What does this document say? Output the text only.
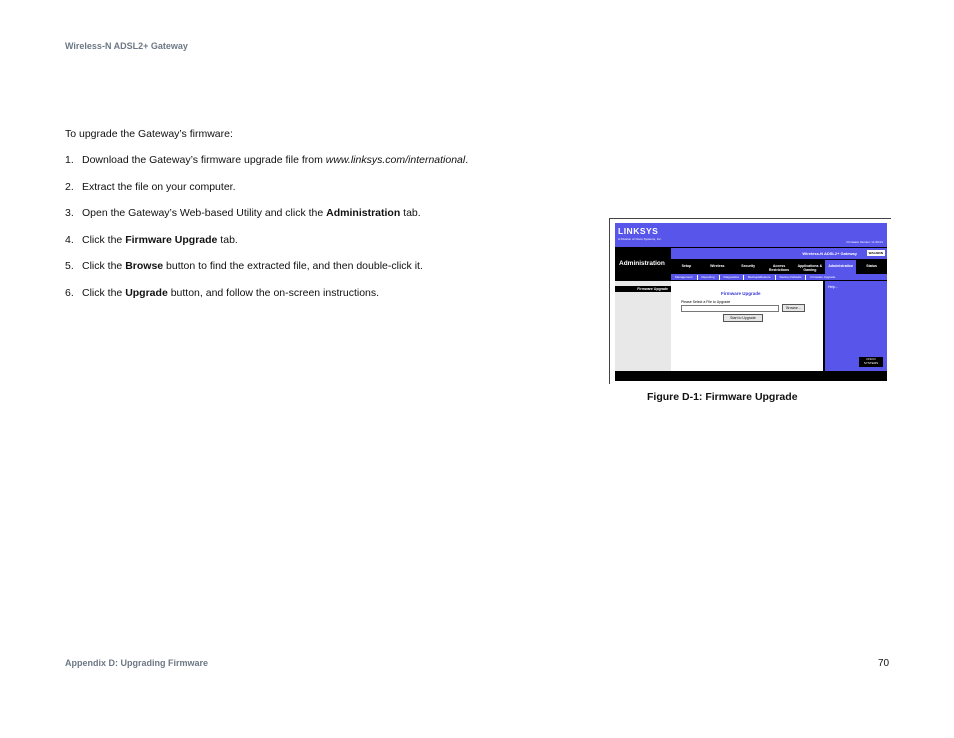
Wireless-N ADSL2+ Gateway
To upgrade the Gateway’s firmware:
1. Download the Gateway’s firmware upgrade file from www.linksys.com/international.
2. Extract the file on your computer.
3. Open the Gateway’s Web-based Utility and click the Administration tab.
4. Click the Firmware Upgrade tab.
5. Click the Browse button to find the extracted file, and then double-click it.
6. Click the Upgrade button, and follow the on-screen instructions.
LINKSYS
A Division of Cisco Systems, Inc.
Firmware Version: v1.00.01
Administration
Wireless-N ADSL2+ Gateway	WAG300N
Setup	Wireless	Security	Access Restrictions
Applications & Gaming
Administration	Status
Management	Reporting	Diagnostics	Backup&Restore	Factory Defaults	Firmware Upgrade
Firmware Upgrade
Firmware Upgrade
Please Select a File to Upgrade
Browse...
Start to Upgrade
Help...
CISCO SYSTEMS
Figure D-1: Firmware Upgrade
Appendix D: Upgrading Firmware	70
